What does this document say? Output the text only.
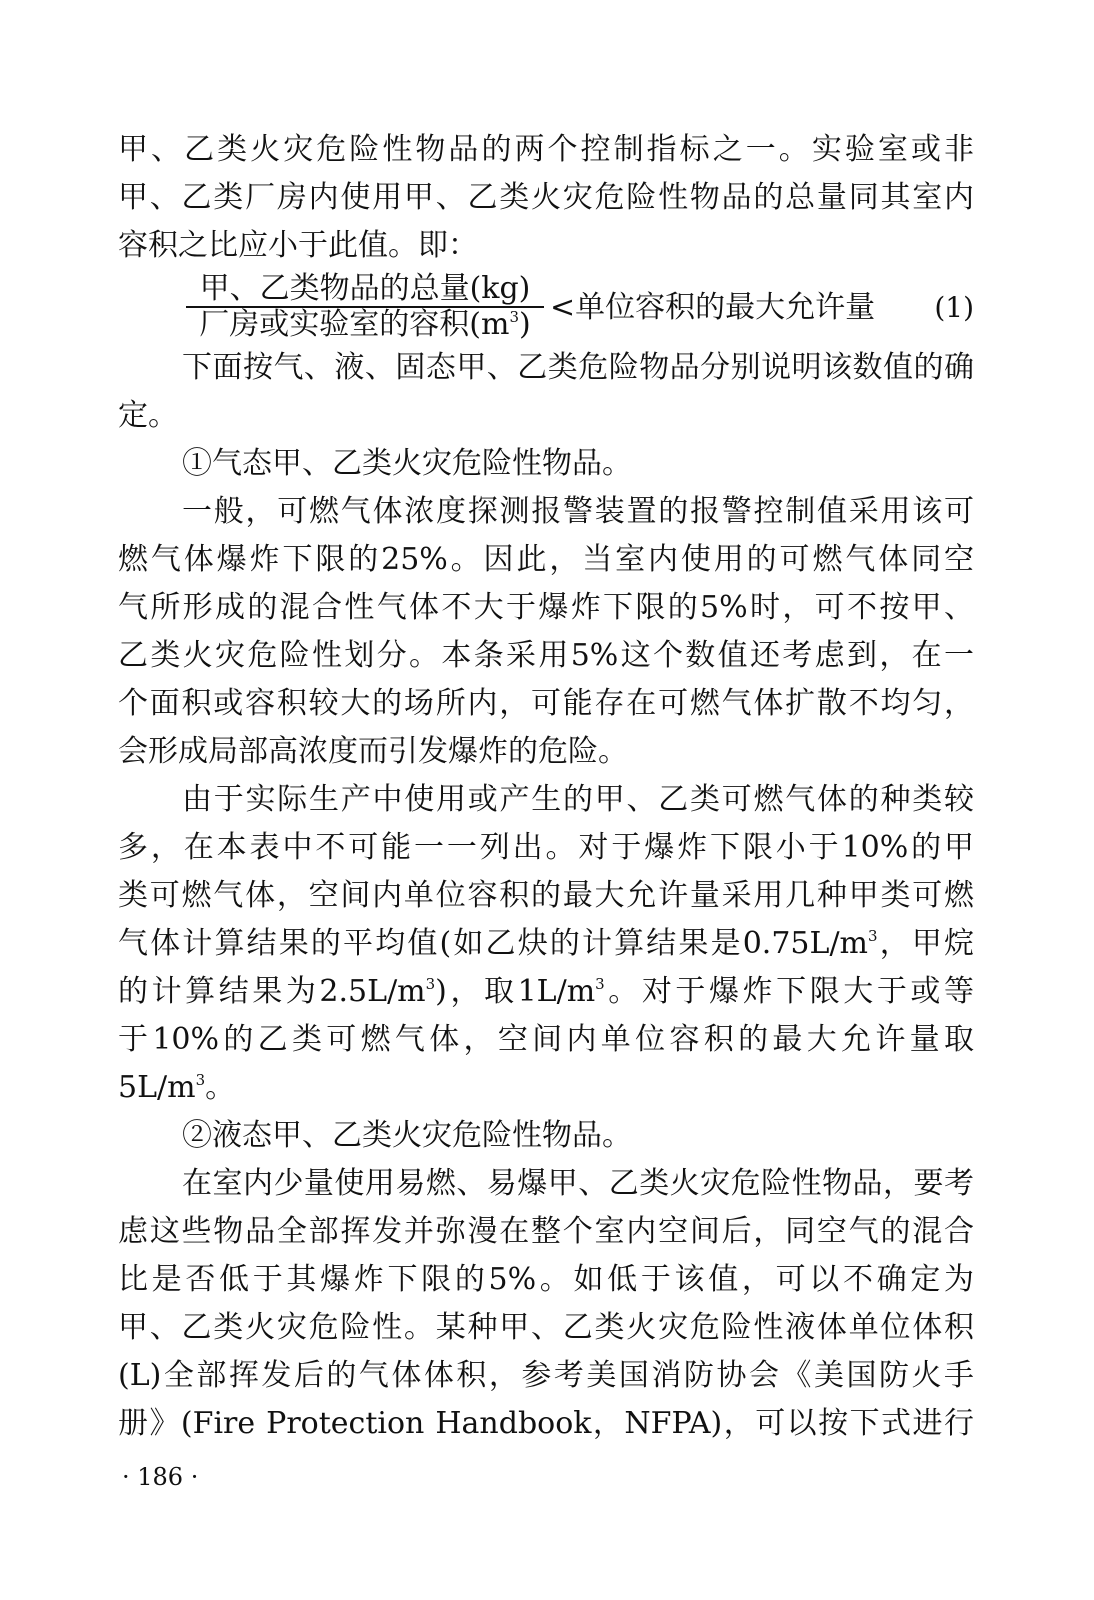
甲、乙类火灾危险性物品的两个控制指标之一。实验室或非
甲、乙类厂房内使用甲、乙类火灾危险性物品的总量同其室内
容积之比应小于此值。即：
甲、乙类物品的总量(kg)
厂房或实验室的容积$(m^3)$ <单位容积的最大允许量 (1)
下面按气、液、固态甲、乙类危险物品分别说明该数值的确
定。
①气态甲、乙类火灾危险性物品。
一般，可燃气体浓度探测报警装置的报警控制值采用该可
燃气体爆炸下限的25%。因此，当室内使用的可燃气体同空
气所形成的混合性气体不大于爆炸下限的5%时，可不按甲、
乙类火灾危险性划分。本条采用5%这个数值还考虑到，在一
个面积或容积较大的场所内，可能存在可燃气体扩散不均匀，
会形成局部高浓度而引发爆炸的危险。
由于实际生产中使用或产生的甲、乙类可燃气体的种类较
多，在本表中不可能一一列出。对于爆炸下限小于10%的甲
类可燃气体，空间内单位容积的最大允许量采用几种甲类可燃
气体计算结果的平均值(如乙炔的计算结果是$0.75L/m^3$，甲烷
的计算结果为$2.5L/m^3$)，取$1L/m^3$。对于爆炸下限大于或等
于10%的乙类可燃气体，空间内单位容积的最大允许量取
$5L/m^3$。
②液态甲、乙类火灾危险性物品。
在室内少量使用易燃、易爆甲、乙类火灾危险性物品，要考
虑这些物品全部挥发并弥漫在整个室内空间后，同空气的混合
比是否低于其爆炸下限的5%。如低于该值，可以不确定为
甲、乙类火灾危险性。某种甲、乙类火灾危险性液体单位体积
(L)全部挥发后的气体体积，参考美国消防协会《美国防火手
册》(Fire Protection Handbook，NFPA)，可以按下式进行
· 186 ·
